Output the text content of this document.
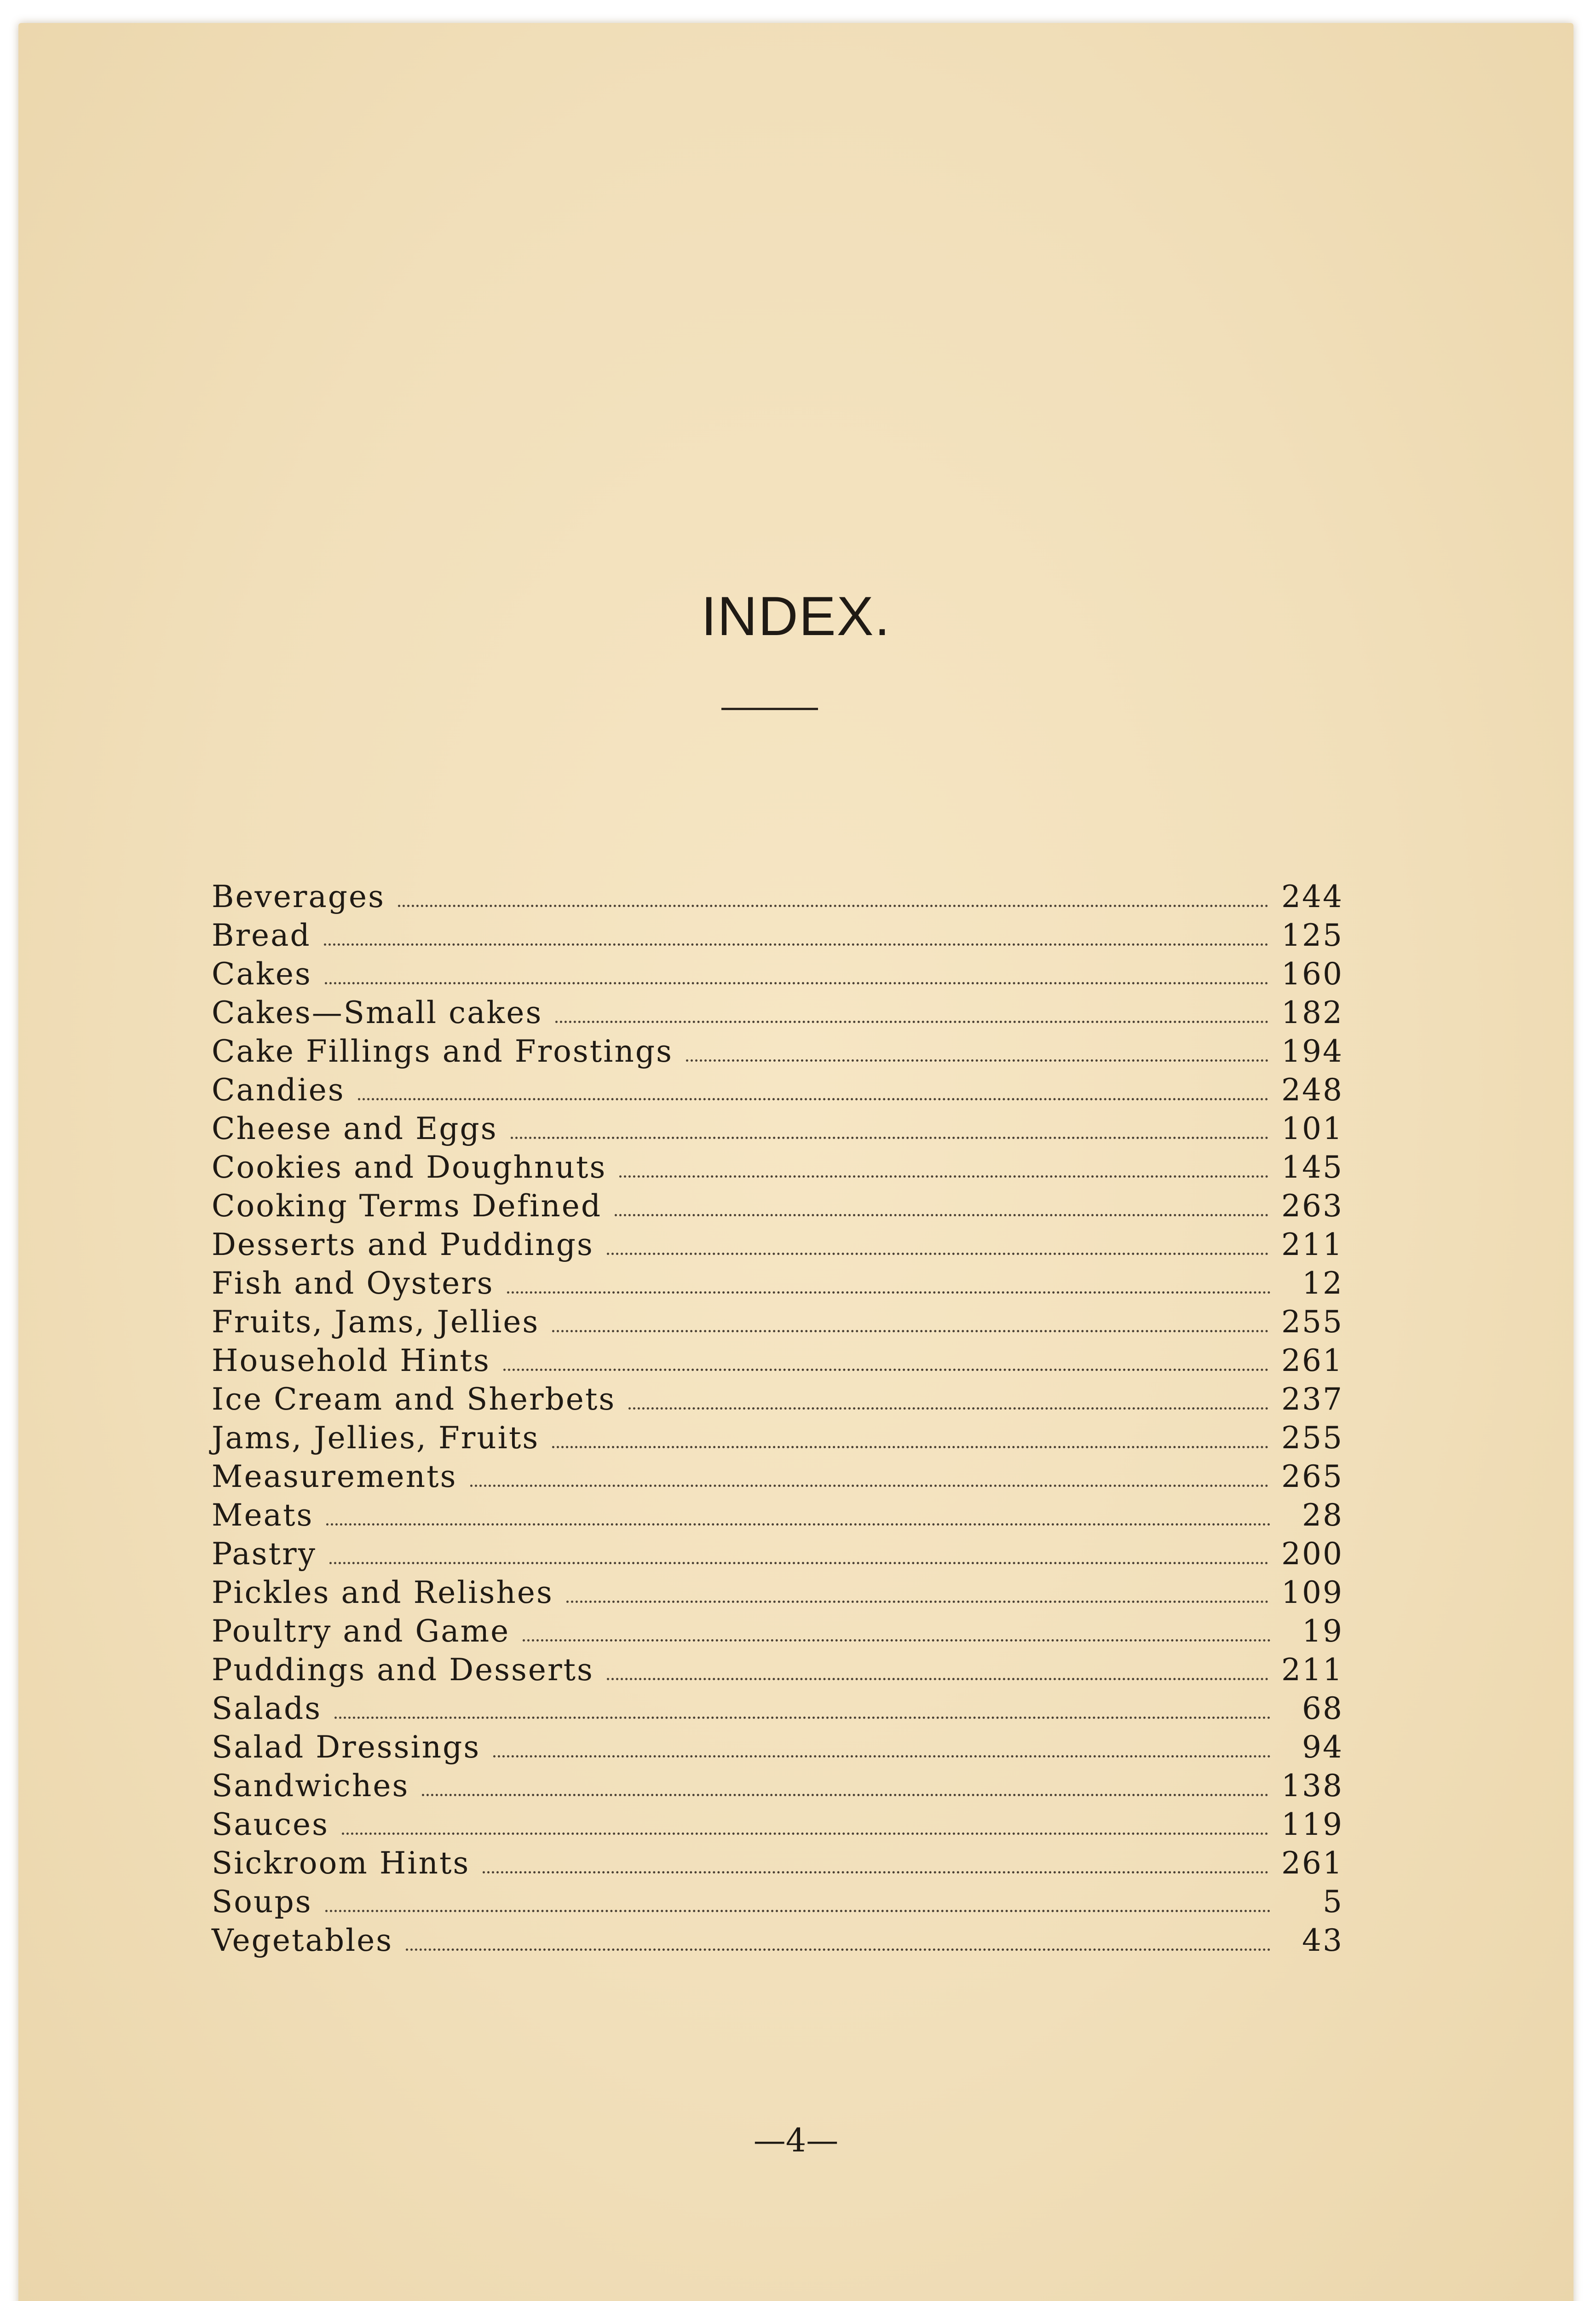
INDEX.
Beverages	244
Bread	125
Cakes	160
Cakes—Small cakes	182
Cake Fillings and Frostings	194
Candies	248
Cheese and Eggs	101
Cookies and Doughnuts	145
Cooking Terms Defined	263
Desserts and Puddings	211
Fish and Oysters	12
Fruits, Jams, Jellies	255
Household Hints	261
Ice Cream and Sherbets	237
Jams, Jellies, Fruits	255
Measurements	265
Meats	28
Pastry	200
Pickles and Relishes	109
Poultry and Game	19
Puddings and Desserts	211
Salads	68
Salad Dressings	94
Sandwiches	138
Sauces	119
Sickroom Hints	261
Soups	5
Vegetables	43
—4—
